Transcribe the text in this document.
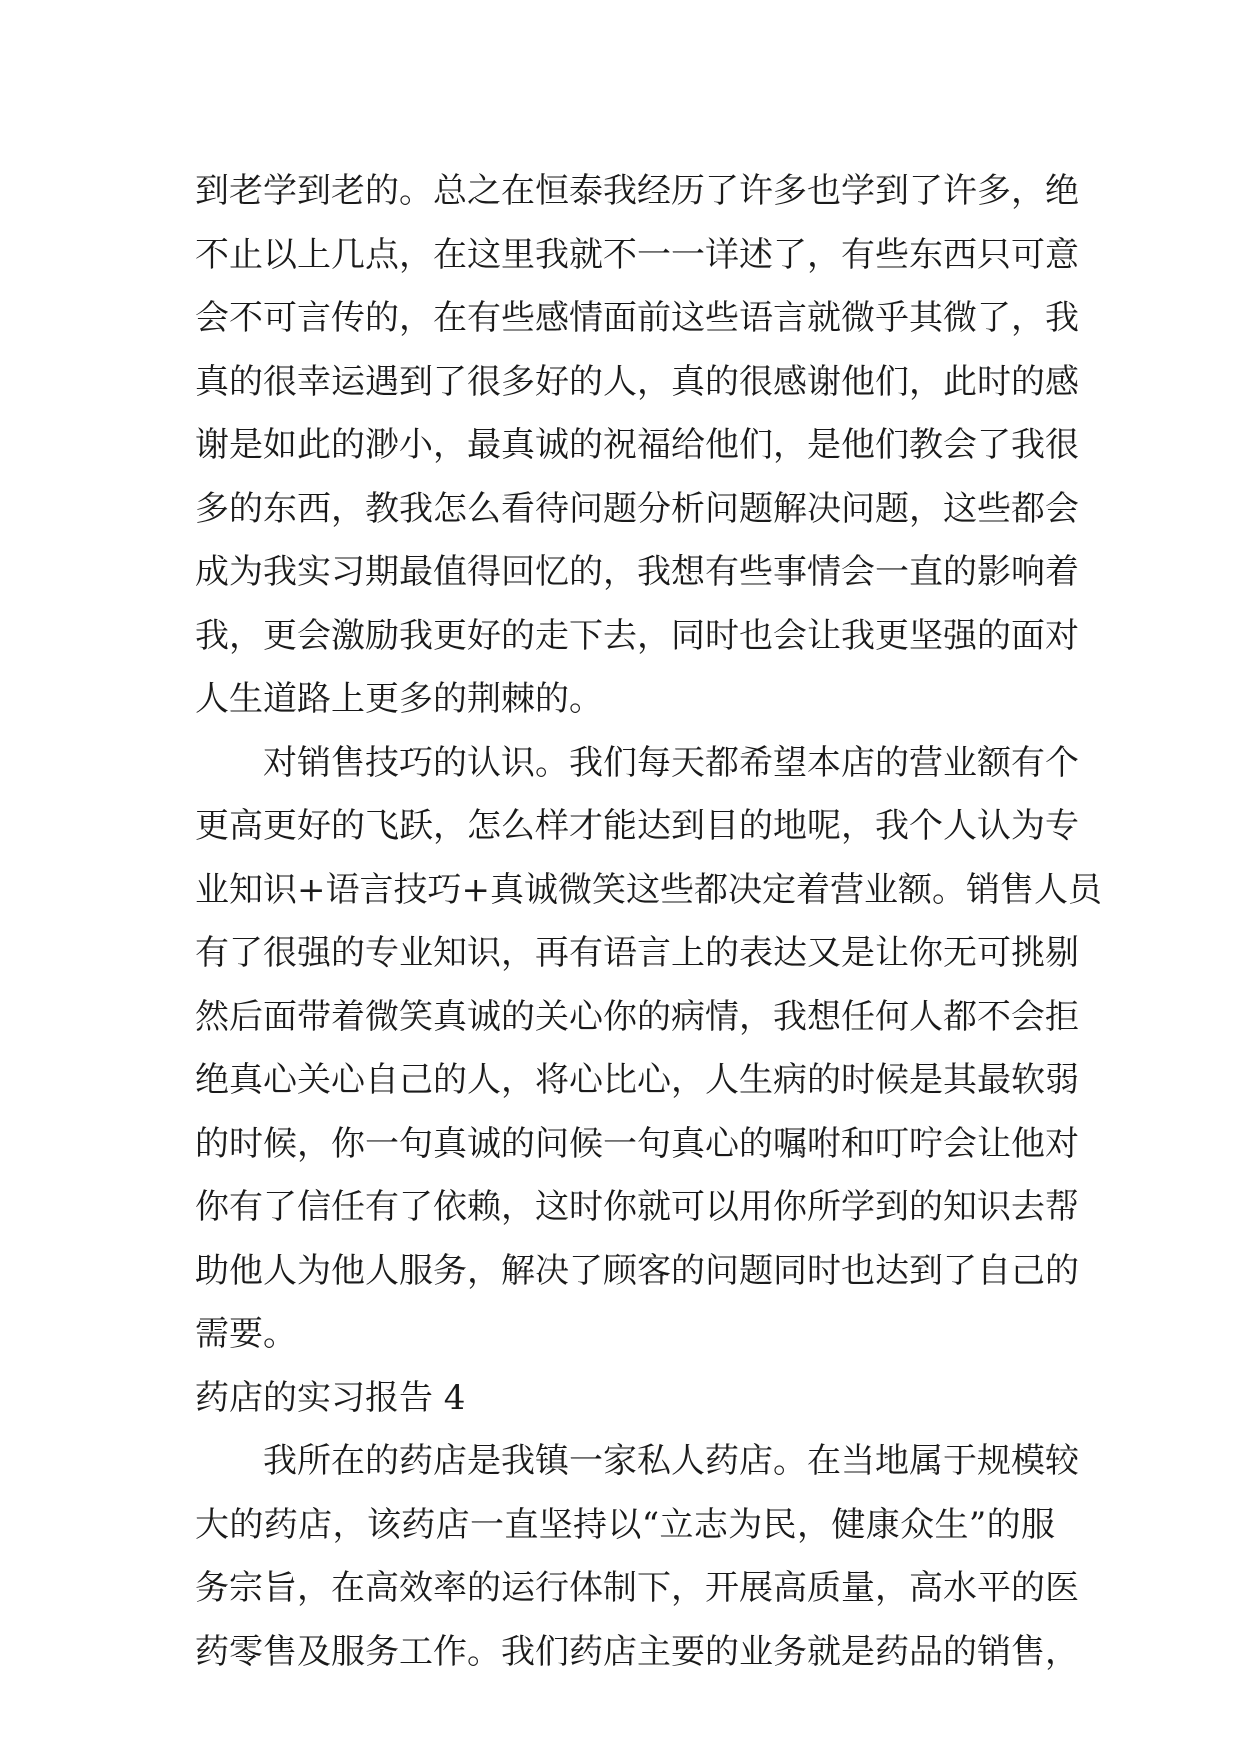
到老学到老的。总之在恒泰我经历了许多也学到了许多，绝
不止以上几点，在这里我就不一一详述了，有些东西只可意
会不可言传的，在有些感情面前这些语言就微乎其微了，我
真的很幸运遇到了很多好的人，真的很感谢他们，此时的感
谢是如此的渺小，最真诚的祝福给他们，是他们教会了我很
多的东西，教我怎么看待问题分析问题解决问题，这些都会
成为我实习期最值得回忆的，我想有些事情会一直的影响着
我，更会激励我更好的走下去，同时也会让我更坚强的面对
人生道路上更多的荆棘的。
对销售技巧的认识。我们每天都希望本店的营业额有个
更高更好的飞跃，怎么样才能达到目的地呢，我个人认为专
业知识+语言技巧+真诚微笑这些都决定着营业额。销售人员
有了很强的专业知识，再有语言上的表达又是让你无可挑剔
然后面带着微笑真诚的关心你的病情，我想任何人都不会拒
绝真心关心自己的人，将心比心，人生病的时候是其最软弱
的时候，你一句真诚的问候一句真心的嘱咐和叮咛会让他对
你有了信任有了依赖，这时你就可以用你所学到的知识去帮
助他人为他人服务，解决了顾客的问题同时也达到了自己的
需要。
药店的实习报告 4
我所在的药店是我镇一家私人药店。在当地属于规模较
大的药店，该药店一直坚持以“立志为民，健康众生”的服
务宗旨，在高效率的运行体制下，开展高质量，高水平的医
药零售及服务工作。我们药店主要的业务就是药品的销售，
